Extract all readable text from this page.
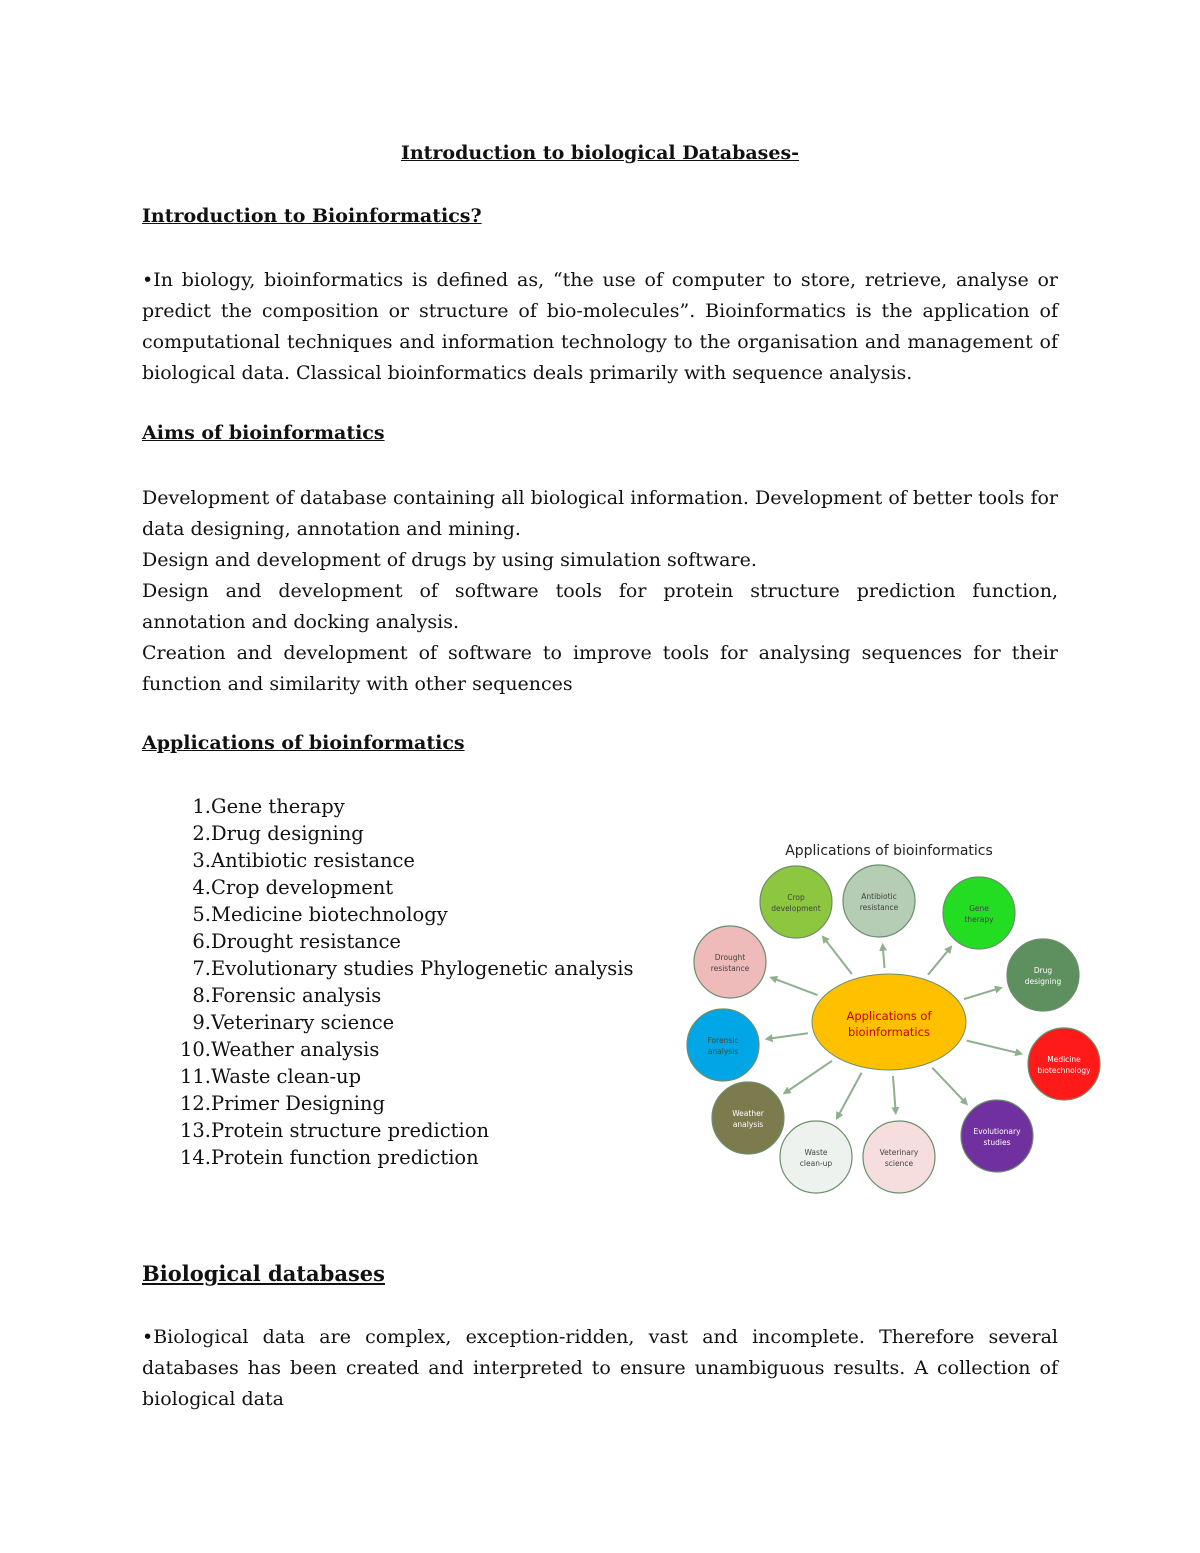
Introduction to biological Databases-
Introduction to Bioinformatics?

•In biology, bioinformatics is defined as, “the use of computer to store, retrieve, analyse or predict the composition or structure of bio-molecules”. Bioinformatics is the application of computational techniques and information technology to the organisation and management of biological data. Classical bioinformatics deals primarily with sequence analysis.

Aims of bioinformatics

Development of database containing all biological information. Development of better tools for data designing, annotation and mining.

Design and development of drugs by using simulation software.

Design and development of software tools for protein structure prediction function, annotation and docking analysis.

Creation and development of software to improve tools for analysing sequences for their function and similarity with other sequences

Applications of bioinformatics
1. Gene therapy
2. Drug designing
3. Antibiotic resistance
4. Crop development
5. Medicine biotechnology
6. Drought resistance
7. Evolutionary studies Phylogenetic analysis
8. Forensic analysis
9. Veterinary science
10. Weather analysis
11. Waste clean-up
12. Primer Designing
13. Protein structure prediction
14. Protein function prediction
Applications of bioinformatics
Crop
development
Antibiotic
resistance	Gene
therapy
Drug
designing
Medicine
biotechnology
Evolutionary
studies
Veterinary
science
Waste
clean-up
Weather
analysis
Forensic
analysis
Drought
resistance
Applications of
bioinformatics
Biological databases

•Biological data are complex, exception-ridden, vast and incomplete. Therefore several databases has been created and interpreted to ensure unambiguous results. A collection of biological data
